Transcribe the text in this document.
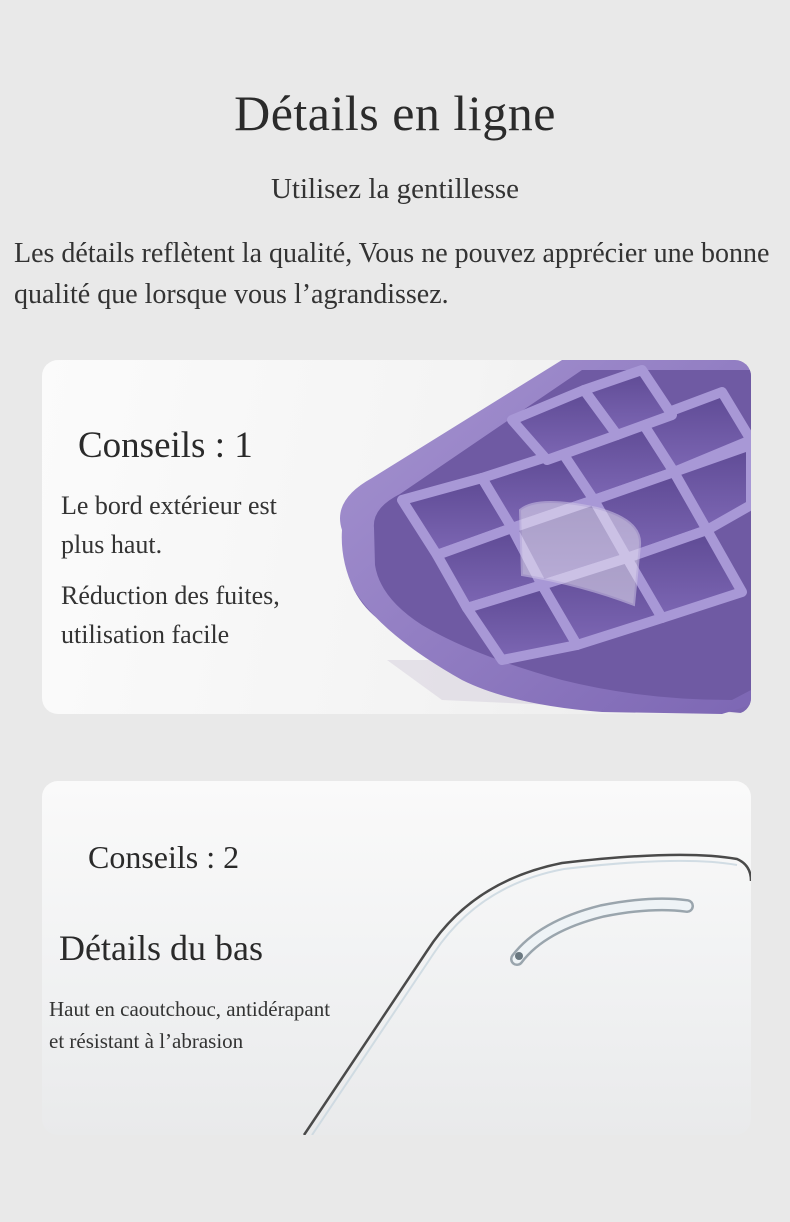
Détails en ligne
Utilisez la gentillesse
Les détails reflètent la qualité, Vous ne pouvez apprécier une bonne qualité que lorsque vous l’agrandissez.
Conseils : 1
Le bord extérieur est plus haut.
Réduction des fuites, utilisation facile
Conseils : 2
Détails du bas
Haut en caoutchouc, antidérapant
et résistant à l’abrasion
